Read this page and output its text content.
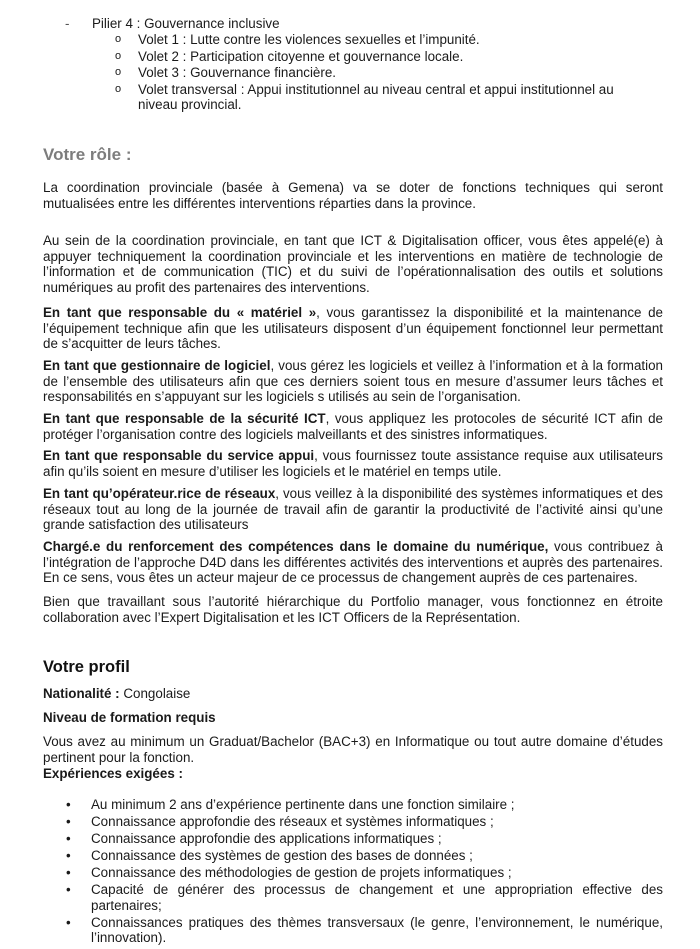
- Pilier 4 : Gouvernance inclusive
o Volet 1 : Lutte contre les violences sexuelles et l’impunité.
o Volet 2 : Participation citoyenne et gouvernance locale.
o Volet 3 : Gouvernance financière.
o Volet transversal : Appui institutionnel au niveau central et appui institutionnel au niveau provincial.
Votre rôle :

La coordination provinciale (basée à Gemena) va se doter de fonctions techniques qui seront mutualisées entre les différentes interventions réparties dans la province.

Au sein de la coordination provinciale, en tant que ICT & Digitalisation officer, vous êtes appelé(e) à appuyer techniquement la coordination provinciale et les interventions en matière de technologie de l’information et de communication (TIC) et du suivi de l’opérationnalisation des outils et solutions numériques au profit des partenaires des interventions.

En tant que responsable du « matériel », vous garantissez la disponibilité et la maintenance de l’équipement technique afin que les utilisateurs disposent d’un équipement fonctionnel leur permettant de s’acquitter de leurs tâches.

En tant que gestionnaire de logiciel, vous gérez les logiciels et veillez à l’information et à la formation de l’ensemble des utilisateurs afin que ces derniers soient tous en mesure d’assumer leurs tâches et responsabilités en s’appuyant sur les logiciels s utilisés au sein de l’organisation.

En tant que responsable de la sécurité ICT, vous appliquez les protocoles de sécurité ICT afin de protéger l’organisation contre des logiciels malveillants et des sinistres informatiques.

En tant que responsable du service appui, vous fournissez toute assistance requise aux utilisateurs afin qu’ils soient en mesure d’utiliser les logiciels et le matériel en temps utile.

En tant qu’opérateur.rice de réseaux, vous veillez à la disponibilité des systèmes informatiques et des réseaux tout au long de la journée de travail afin de garantir la productivité de l’activité ainsi qu’une grande satisfaction des utilisateurs

Chargé.e du renforcement des compétences dans le domaine du numérique, vous contribuez à l’intégration de l’approche D4D dans les différentes activités des interventions et auprès des partenaires. En ce sens, vous êtes un acteur majeur de ce processus de changement auprès de ces partenaires.

Bien que travaillant sous l’autorité hiérarchique du Portfolio manager, vous fonctionnez en étroite collaboration avec l’Expert Digitalisation et les ICT Officers de la Représentation.

Votre profil

Nationalité : Congolaise

Niveau de formation requis

Vous avez au minimum un Graduat/Bachelor (BAC+3) en Informatique ou tout autre domaine d’études pertinent pour la fonction.

Expériences exigées :

• Au minimum 2 ans d’expérience pertinente dans une fonction similaire ;
• Connaissance approfondie des réseaux et systèmes informatiques ;
• Connaissance approfondie des applications informatiques ;
• Connaissance des systèmes de gestion des bases de données ;
• Connaissance des méthodologies de gestion de projets informatiques ;
• Capacité de générer des processus de changement et une appropriation effective des partenaires;
• Connaissances pratiques des thèmes transversaux (le genre, l’environnement, le numérique, l’innovation).
